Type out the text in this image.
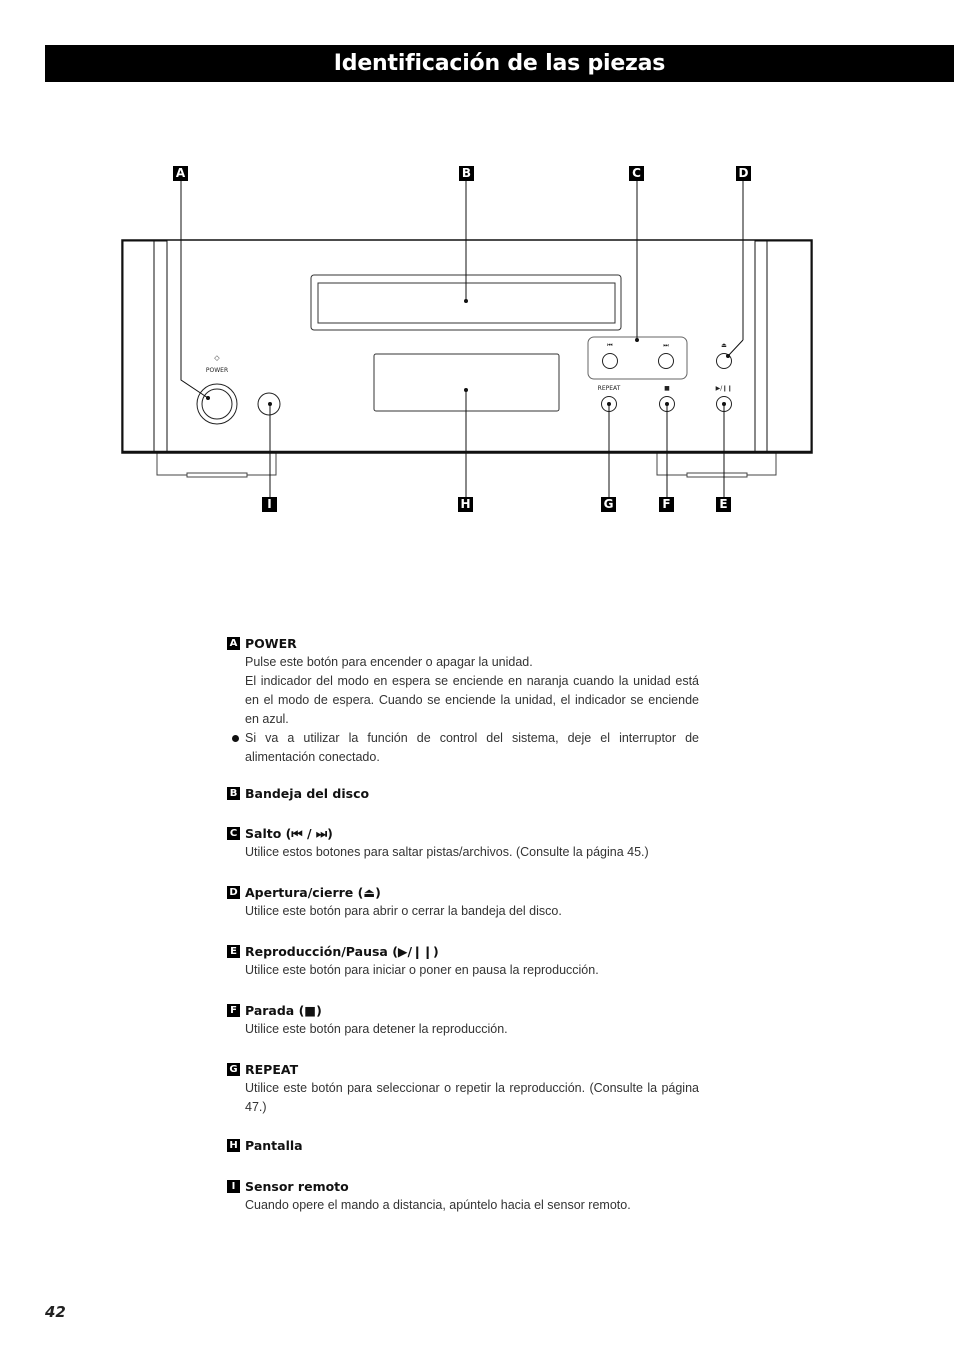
Identificación de las piezas
◇
POWER
⏮	⏭	⏏
REPEAT	■	▶/❙❙
A	B	C	D
I	H	G	F	E
A POWER

Pulse este botón para encender o apagar la unidad.

El indicador del modo en espera se enciende en naranja cuando la unidad está en el modo de espera. Cuando se enciende la unidad, el indicador se enciende en azul.

Si va a utilizar la función de control del sistema, deje el interruptor de alimentación conectado.

B Bandeja del disco
C Salto (⏮ / ⏭)

Utilice estos botones para saltar pistas/archivos. (Consulte la página 45.)

D Apertura/cierre (⏏)

Utilice este botón para abrir o cerrar la bandeja del disco.

E Reproducción/Pausa (▶/❙❙)

Utilice este botón para iniciar o poner en pausa la reproducción.

F Parada (■)

Utilice este botón para detener la reproducción.

G REPEAT

Utilice este botón para seleccionar o repetir la reproducción. (Consulte la página 47.)

H Pantalla
I Sensor remoto

Cuando opere el mando a distancia, apúntelo hacia el sensor remoto.

42
